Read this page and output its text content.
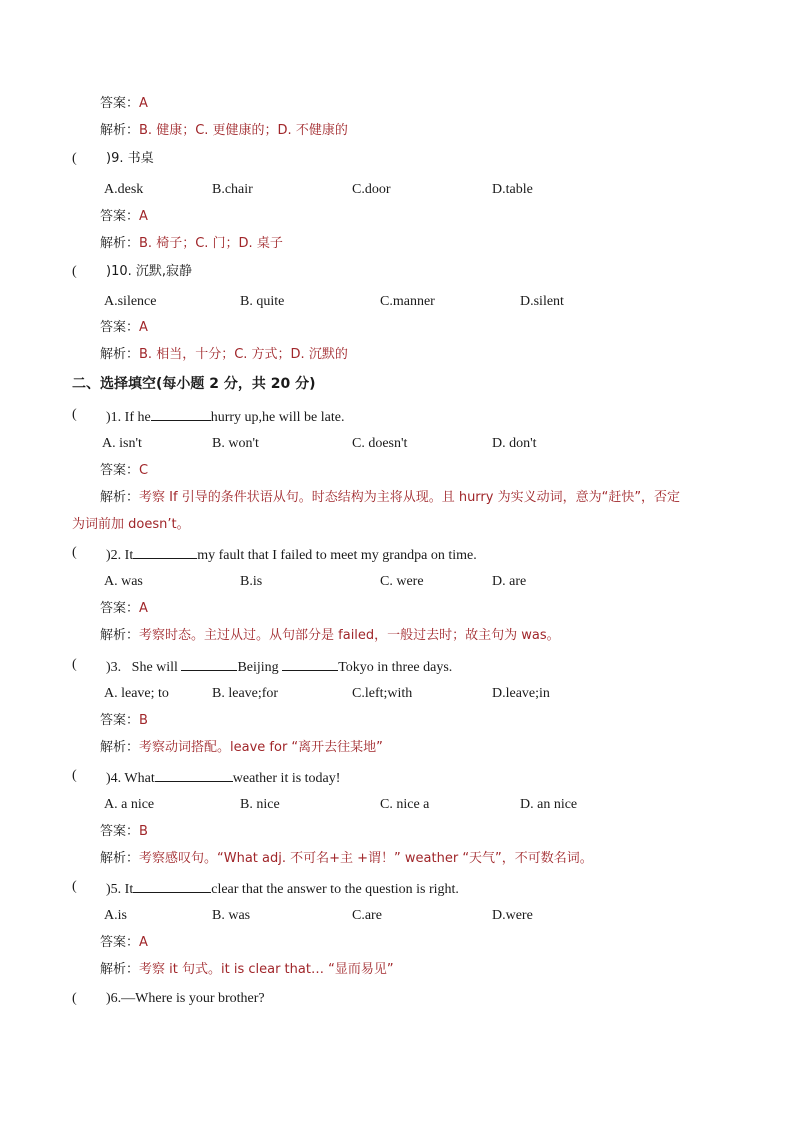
答案：A
解析：B. 健康；C. 更健康的；D. 不健康的
( )9. 书桌
A.desk	B.chair	C.door	D.table
答案：A
解析：B. 椅子；C. 门；D. 桌子
( )10. 沉默,寂静
A.silence	B. quite	C.manner	D.silent
答案：A
解析：B. 相当，十分；C. 方式；D. 沉默的
二、选择填空(每小题 2 分，共 20 分)
( )1. If he	hurry up,he will be late.
A. isn't	B. won't	C. doesn't	D. don't
答案：C
解析：考察 If 引导的条件状语从句。时态结构为主将从现。且 hurry 为实义动词，意为“赶快”，否定
为词前加 doesn’t。
( )2. It	my fault that I failed to meet my grandpa on time.
A. was	B.is	C. were	D. are
答案：A
解析：考察时态。主过从过。从句部分是 failed，一般过去时；故主句为 was。
( )3. She will	Beijing	Tokyo in three days.
A. leave; to	B. leave;for	C.left;with	D.leave;in
答案：B
解析：考察动词搭配。leave for “离开去往某地”
( )4. What	weather it is today!
A. a nice	B. nice	C. nice a	D. an nice
答案：B
解析：考察感叹句。“What adj. 不可名+主 +谓！” weather “天气”，不可数名词。
( )5. It	clear that the answer to the question is right.
A.is	B. was	C.are	D.were
答案：A
解析：考察 it 句式。it is clear that… “显而易见”
( )6.—Where is your brother?
